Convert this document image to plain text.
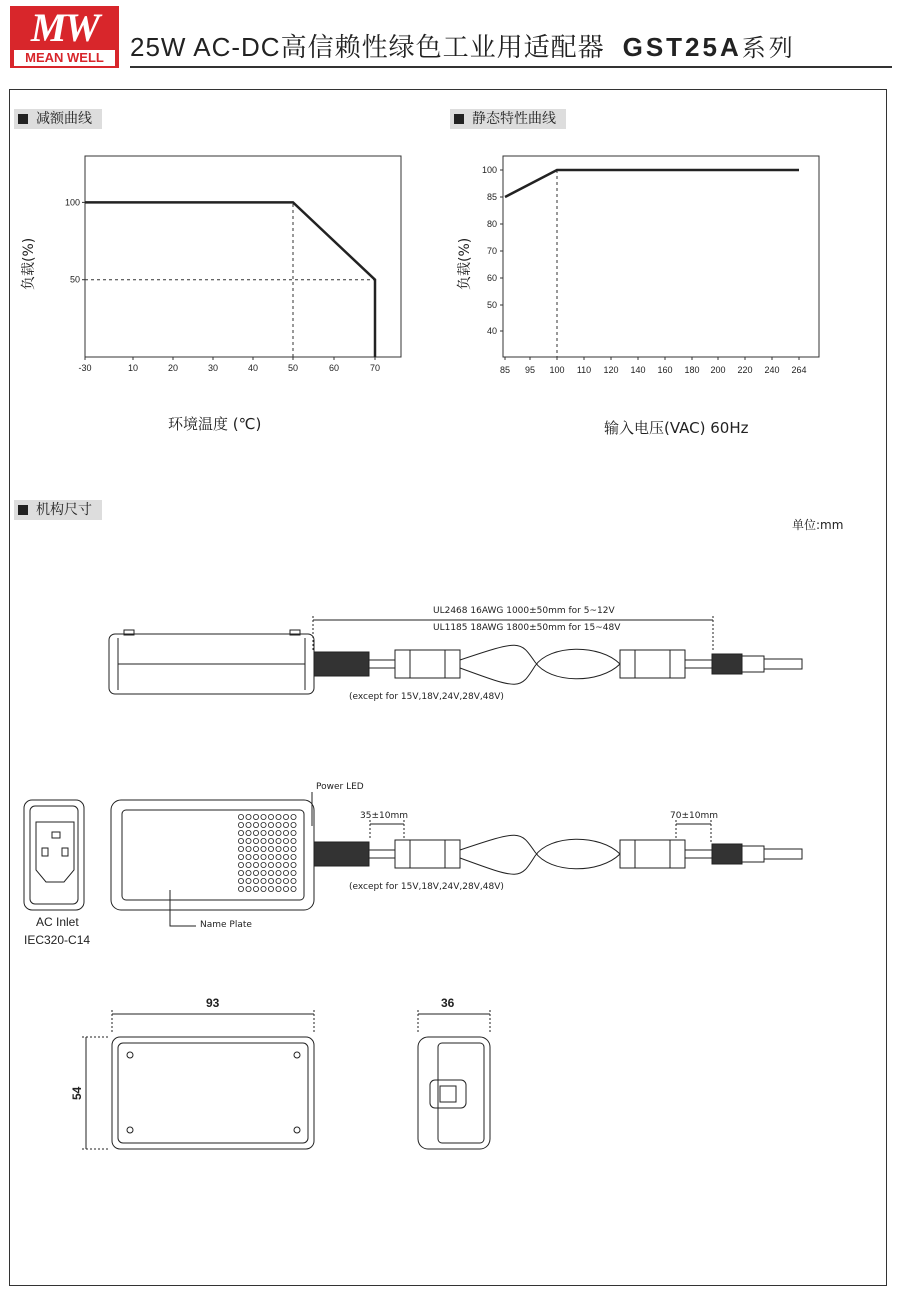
MW
MEAN WELL	25W AC-DC高信赖性绿色工业用适配器 GST25A系列
减额曲线	静态特性曲线
机构尺寸
-30	10	20	30	40	50	60	70
100
50
85 95 100 110 120 140 160 180 200 220 240 264
100
85
80
70
60
50
40
负载(%)
环境温度 (℃)
负载(%)
输入电压(VAC) 60Hz
单位:mm
UL2468 16AWG 1000±50mm for 5~12V
UL1185 18AWG 1800±50mm for 15~48V
(except for 15V,18V,24V,28V,48V)
Power LED
35±10mm	70±10mm
(except for 15V,18V,24V,28V,48V)
AC Inlet
IEC320-C14
Name Plate
93
54
36
